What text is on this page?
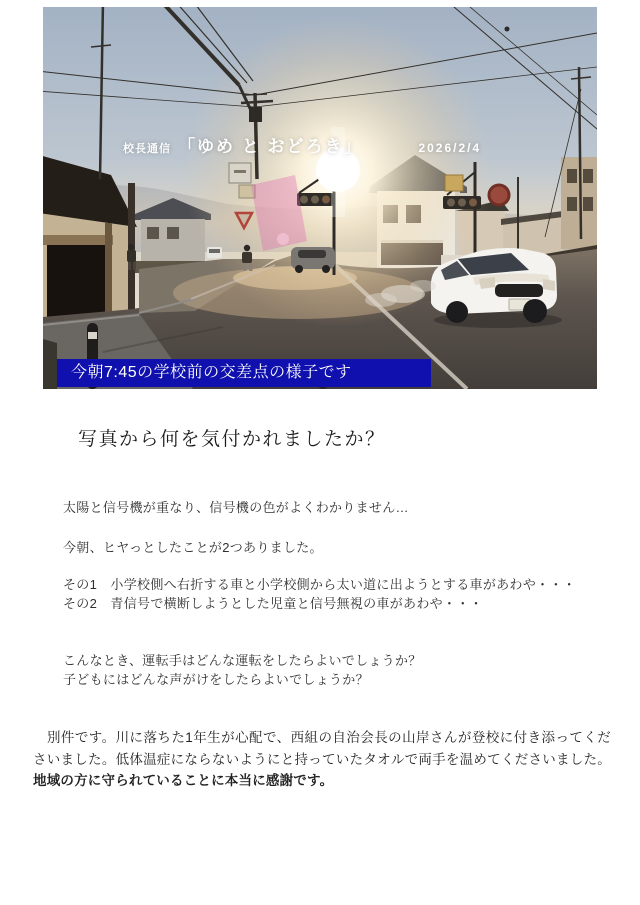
校長通信 「ゆめ と おどろき」	2026/2/4
今朝7:45の学校前の交差点の様子です
写真から何を気付かれましたか？
太陽と信号機が重なり、信号機の色がよくわかりません…
今朝、ヒヤっとしたことが2つありました。
その1　小学校側へ右折する車と小学校側から太い道に出ようとする車があわや・・・
その2　青信号で横断しようとした児童と信号無視の車があわや・・・
こんなとき、運転手はどんな運転をしたらよいでしょうか？
子どもにはどんな声がけをしたらよいでしょうか？
　別件です。川に落ちた1年生が心配で、西組の自治会長の山岸さんが登校に付き添ってくださいました。低体温症にならないようにと持っていたタオルで両手を温めてくださいました。地域の方に守られていることに本当に感謝です。
